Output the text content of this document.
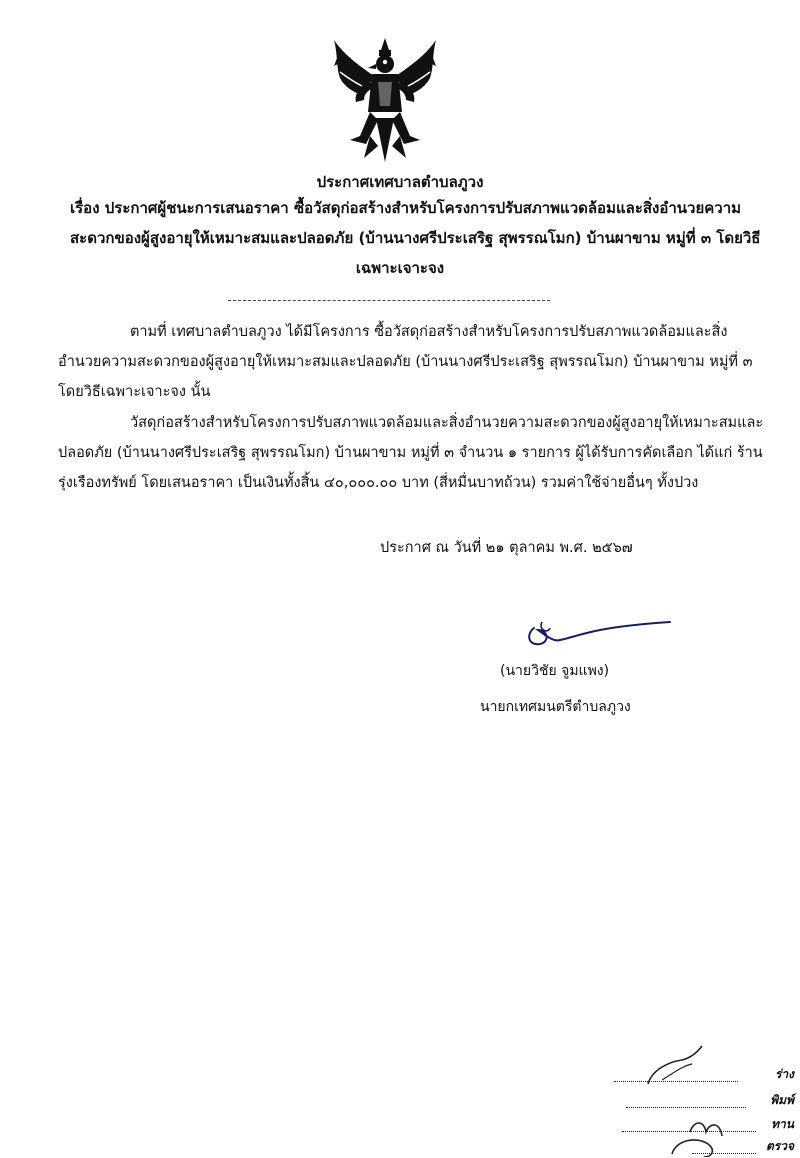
ประกาศเทศบาลตำบลภูวง
เรื่อง ประกาศผู้ชนะการเสนอราคา ซื้อวัสดุก่อสร้างสำหรับโครงการปรับสภาพแวดล้อมและสิ่งอำนวยความ
สะดวกของผู้สูงอายุให้เหมาะสมและปลอดภัย (บ้านนางศรีประเสริฐ สุพรรณโมก) บ้านผาขาม หมู่ที่ ๓ โดยวิธี
เฉพาะเจาะจง
ตามที่ เทศบาลตำบลภูวง ได้มีโครงการ ซื้อวัสดุก่อสร้างสำหรับโครงการปรับสภาพแวดล้อมและสิ่ง
อำนวยความสะดวกของผู้สูงอายุให้เหมาะสมและปลอดภัย (บ้านนางศรีประเสริฐ สุพรรณโมก) บ้านผาขาม หมู่ที่ ๓
โดยวิธีเฉพาะเจาะจง นั้น
วัสดุก่อสร้างสำหรับโครงการปรับสภาพแวดล้อมและสิ่งอำนวยความสะดวกของผู้สูงอายุให้เหมาะสมและ
ปลอดภัย (บ้านนางศรีประเสริฐ สุพรรณโมก) บ้านผาขาม หมู่ที่ ๓ จำนวน ๑ รายการ ผู้ได้รับการคัดเลือก ได้แก่ ร้าน
รุ่งเรืองทรัพย์ โดยเสนอราคา เป็นเงินทั้งสิ้น ๔๐,๐๐๐.๐๐ บาท (สี่หมื่นบาทถ้วน) รวมค่าใช้จ่ายอื่นๆ ทั้งปวง
ประกาศ ณ วันที่ ๒๑ ตุลาคม พ.ศ. ๒๕๖๗
(นายวิชัย จูมแพง)
นายกเทศมนตรีตำบลภูวง
ร่าง
พิมพ์
ทาน
ตรวจ
